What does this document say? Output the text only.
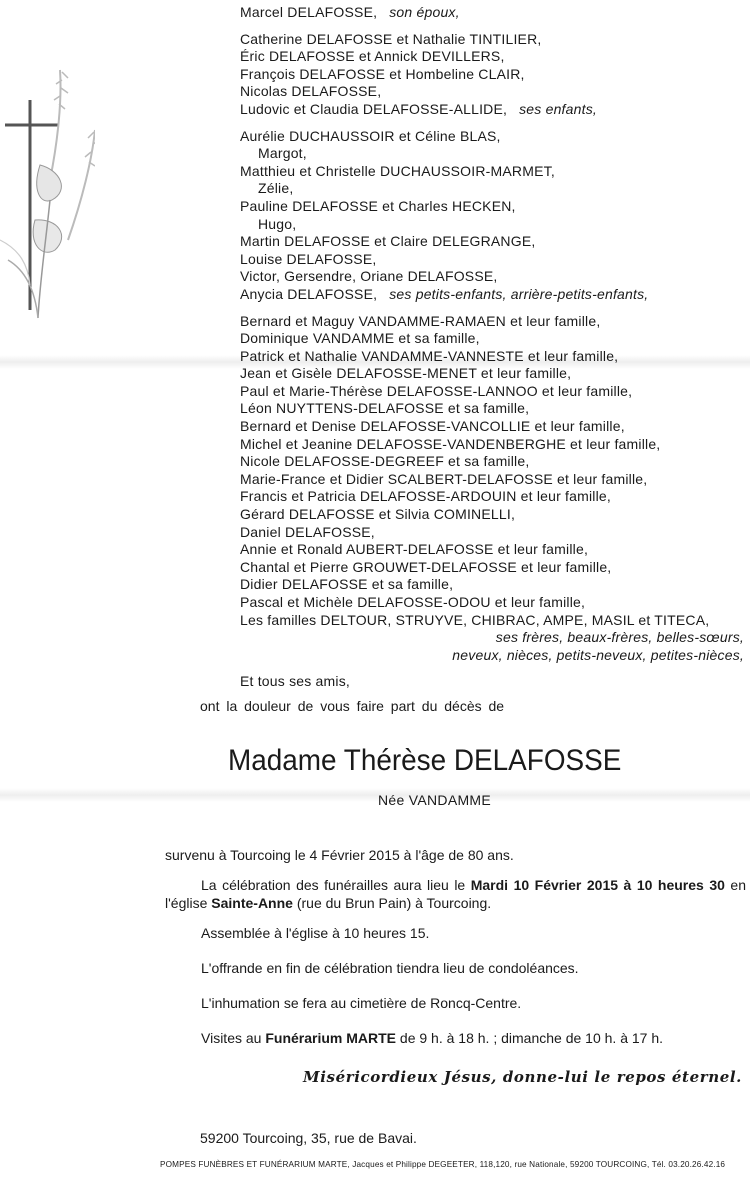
Marcel DELAFOSSE, son époux,
Catherine DELAFOSSE et Nathalie TINTILIER,
Éric DELAFOSSE et Annick DEVILLERS,
François DELAFOSSE et Hombeline CLAIR,
Nicolas DELAFOSSE,
Ludovic et Claudia DELAFOSSE-ALLIDE, ses enfants,
Aurélie DUCHAUSSOIR et Céline BLAS,
Margot,
Matthieu et Christelle DUCHAUSSOIR-MARMET,
Zélie,
Pauline DELAFOSSE et Charles HECKEN,
Hugo,
Martin DELAFOSSE et Claire DELEGRANGE,
Louise DELAFOSSE,
Victor, Gersendre, Oriane DELAFOSSE,
Anycia DELAFOSSE, ses petits-enfants, arrière-petits-enfants,
Bernard et Maguy VANDAMME-RAMAEN et leur famille,
Dominique VANDAMME et sa famille,
Patrick et Nathalie VANDAMME-VANNESTE et leur famille,
Jean et Gisèle DELAFOSSE-MENET et leur famille,
Paul et Marie-Thérèse DELAFOSSE-LANNOO et leur famille,
Léon NUYTTENS-DELAFOSSE et sa famille,
Bernard et Denise DELAFOSSE-VANCOLLIE et leur famille,
Michel et Jeanine DELAFOSSE-VANDENBERGHE et leur famille,
Nicole DELAFOSSE-DEGREEF et sa famille,
Marie-France et Didier SCALBERT-DELAFOSSE et leur famille,
Francis et Patricia DELAFOSSE-ARDOUIN et leur famille,
Gérard DELAFOSSE et Silvia COMINELLI,
Daniel DELAFOSSE,
Annie et Ronald AUBERT-DELAFOSSE et leur famille,
Chantal et Pierre GROUWET-DELAFOSSE et leur famille,
Didier DELAFOSSE et sa famille,
Pascal et Michèle DELAFOSSE-ODOU et leur famille,
Les familles DELTOUR, STRUYVE, CHIBRAC, AMPE, MASIL et TITECA,
ses frères, beaux-frères, belles-sœurs,
neveux, nièces, petits-neveux, petites-nièces,
Et tous ses amis,
ont la douleur de vous faire part du décès de
Madame Thérèse DELAFOSSE
Née VANDAMME

survenu à Tourcoing le 4 Février 2015 à l'âge de 80 ans.

La célébration des funérailles aura lieu le Mardi 10 Février 2015 à 10 heures 30 en l'église Sainte-Anne (rue du Brun Pain) à Tourcoing.

Assemblée à l'église à 10 heures 15.

L'offrande en fin de célébration tiendra lieu de condoléances.

L'inhumation se fera au cimetière de Roncq-Centre.

Visites au Funérarium MARTE de 9 h. à 18 h. ; dimanche de 10 h. à 17 h.

Miséricordieux Jésus, donne-lui le repos éternel.
59200 Tourcoing, 35, rue de Bavai.
POMPES FUNÈBRES ET FUNÉRARIUM MARTE, Jacques et Philippe DEGEETER, 118,120, rue Nationale, 59200 TOURCOING, Tél. 03.20.26.42.16
